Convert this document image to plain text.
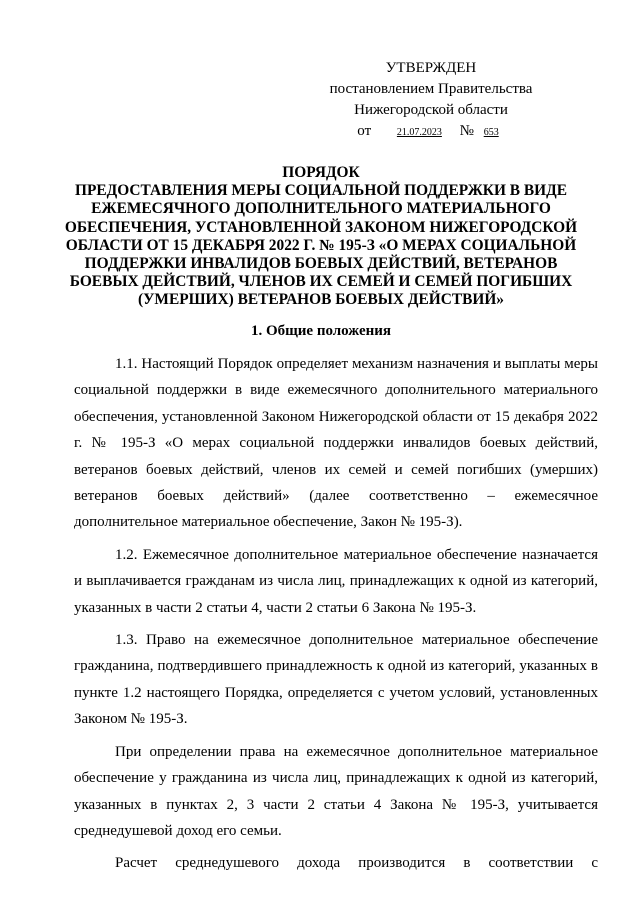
УТВЕРЖДЕН
постановлением Правительства
Нижегородской области
от	21.07.2023 № 653
ПОРЯДОК
ПРЕДОСТАВЛЕНИЯ МЕРЫ СОЦИАЛЬНОЙ ПОДДЕРЖКИ В ВИДЕ
ЕЖЕМЕСЯЧНОГО ДОПОЛНИТЕЛЬНОГО МАТЕРИАЛЬНОГО
ОБЕСПЕЧЕНИЯ, УСТАНОВЛЕННОЙ ЗАКОНОМ НИЖЕГОРОДСКОЙ
ОБЛАСТИ ОТ 15 ДЕКАБРЯ 2022 Г. № 195-З «О МЕРАХ СОЦИАЛЬНОЙ
ПОДДЕРЖКИ ИНВАЛИДОВ БОЕВЫХ ДЕЙСТВИЙ, ВЕТЕРАНОВ
БОЕВЫХ ДЕЙСТВИЙ, ЧЛЕНОВ ИХ СЕМЕЙ И СЕМЕЙ ПОГИБШИХ
(УМЕРШИХ) ВЕТЕРАНОВ БОЕВЫХ ДЕЙСТВИЙ»
1. Общие положения

1.1. Настоящий Порядок определяет механизм назначения и выплаты меры социальной поддержки в виде ежемесячного дополнительного материального обеспечения, установленной Законом Нижегородской области от 15 декабря 2022 г. № 195-З «О мерах социальной поддержки инвалидов боевых действий, ветеранов боевых действий, членов их семей и семей погибших (умерших) ветеранов боевых действий» (далее соответственно – ежемесячное дополнительное материальное обеспечение, Закон № 195-З).

1.2. Ежемесячное дополнительное материальное обеспечение назначается и выплачивается гражданам из числа лиц, принадлежащих к одной из категорий, указанных в части 2 статьи 4, части 2 статьи 6 Закона № 195-З.

1.3. Право на ежемесячное дополнительное материальное обеспечение гражданина, подтвердившего принадлежность к одной из категорий, указанных в пункте 1.2 настоящего Порядка, определяется с учетом условий, установленных Законом № 195-З.

При определении права на ежемесячное дополнительное материальное обеспечение у гражданина из числа лиц, принадлежащих к одной из категорий, указанных в пунктах 2, 3 части 2 статьи 4 Закона № 195-З, учитывается среднедушевой доход его семьи.

Расчет среднедушевого дохода производится в соответствии с
